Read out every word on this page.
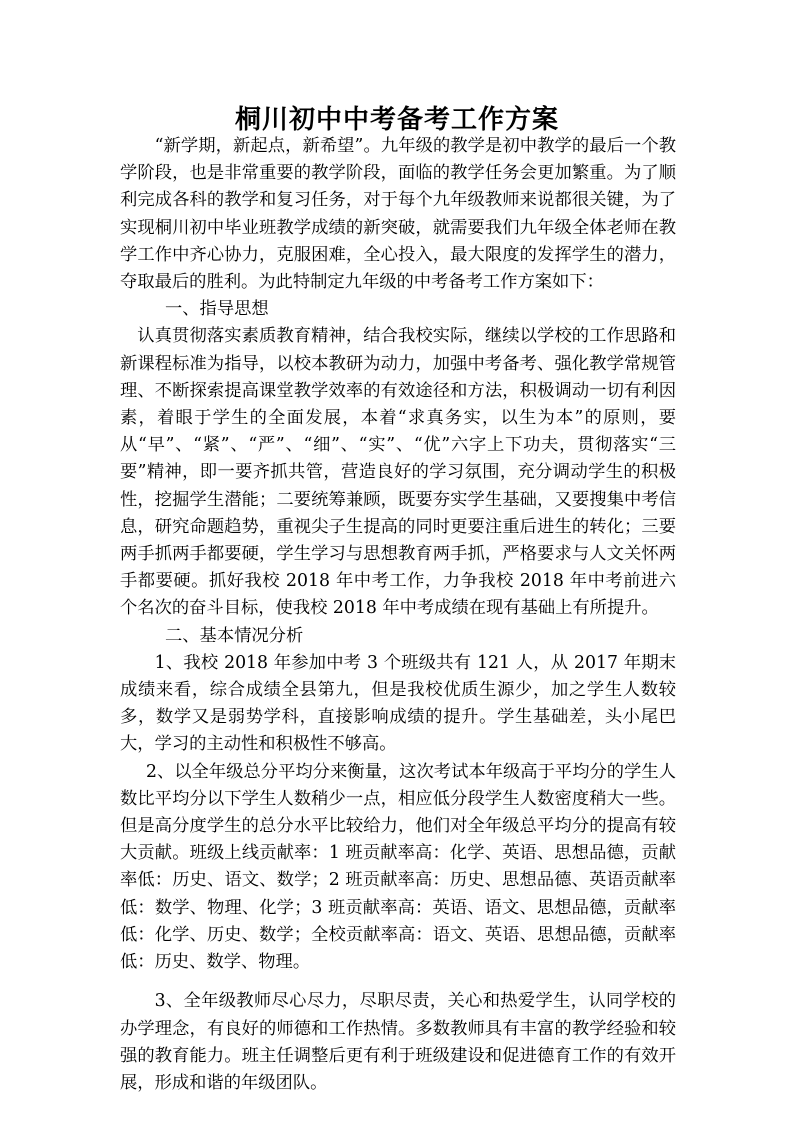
桐川初中中考备考工作方案

“新学期，新起点，新希望”。九年级的教学是初中教学的最后一个教学阶段，也是非常重要的教学阶段，面临的教学任务会更加繁重。为了顺利完成各科的教学和复习任务，对于每个九年级教师来说都很关键，为了实现桐川初中毕业班教学成绩的新突破，就需要我们九年级全体老师在教学工作中齐心协力，克服困难，全心投入，最大限度的发挥学生的潜力，夺取最后的胜利。为此特制定九年级的中考备考工作方案如下：

一、指导思想

认真贯彻落实素质教育精神，结合我校实际，继续以学校的工作思路和新课程标准为指导，以校本教研为动力，加强中考备考、强化教学常规管理、不断探索提高课堂教学效率的有效途径和方法，积极调动一切有利因素，着眼于学生的全面发展，本着“求真务实，以生为本”的原则，要从“早”、“紧”、“严”、“细”、“实”、“优”六字上下功夫，贯彻落实“三要”精神，即一要齐抓共管，营造良好的学习氛围，充分调动学生的积极性，挖掘学生潜能；二要统筹兼顾，既要夯实学生基础，又要搜集中考信息，研究命题趋势，重视尖子生提高的同时更要注重后进生的转化；三要两手抓两手都要硬，学生学习与思想教育两手抓，严格要求与人文关怀两手都要硬。抓好我校 2018 年中考工作，力争我校 2018 年中考前进六个名次的奋斗目标，使我校 2018 年中考成绩在现有基础上有所提升。

二、基本情况分析

1、我校 2018 年参加中考 3 个班级共有 121 人，从 2017 年期末成绩来看，综合成绩全县第九，但是我校优质生源少，加之学生人数较多，数学又是弱势学科，直接影响成绩的提升。学生基础差，头小尾巴大，学习的主动性和积极性不够高。

2、以全年级总分平均分来衡量，这次考试本年级高于平均分的学生人数比平均分以下学生人数稍少一点，相应低分段学生人数密度稍大一些。但是高分度学生的总分水平比较给力，他们对全年级总平均分的提高有较大贡献。班级上线贡献率：1 班贡献率高：化学、英语、思想品德，贡献率低：历史、语文、数学；2 班贡献率高：历史、思想品德、英语贡献率低：数学、物理、化学；3 班贡献率高：英语、语文、思想品德，贡献率低：化学、历史、数学；全校贡献率高：语文、英语、思想品德，贡献率低：历史、数学、物理。

3、全年级教师尽心尽力，尽职尽责，关心和热爱学生，认同学校的办学理念，有良好的师德和工作热情。多数教师具有丰富的教学经验和较强的教育能力。班主任调整后更有利于班级建设和促进德育工作的有效开展，形成和谐的年级团队。
